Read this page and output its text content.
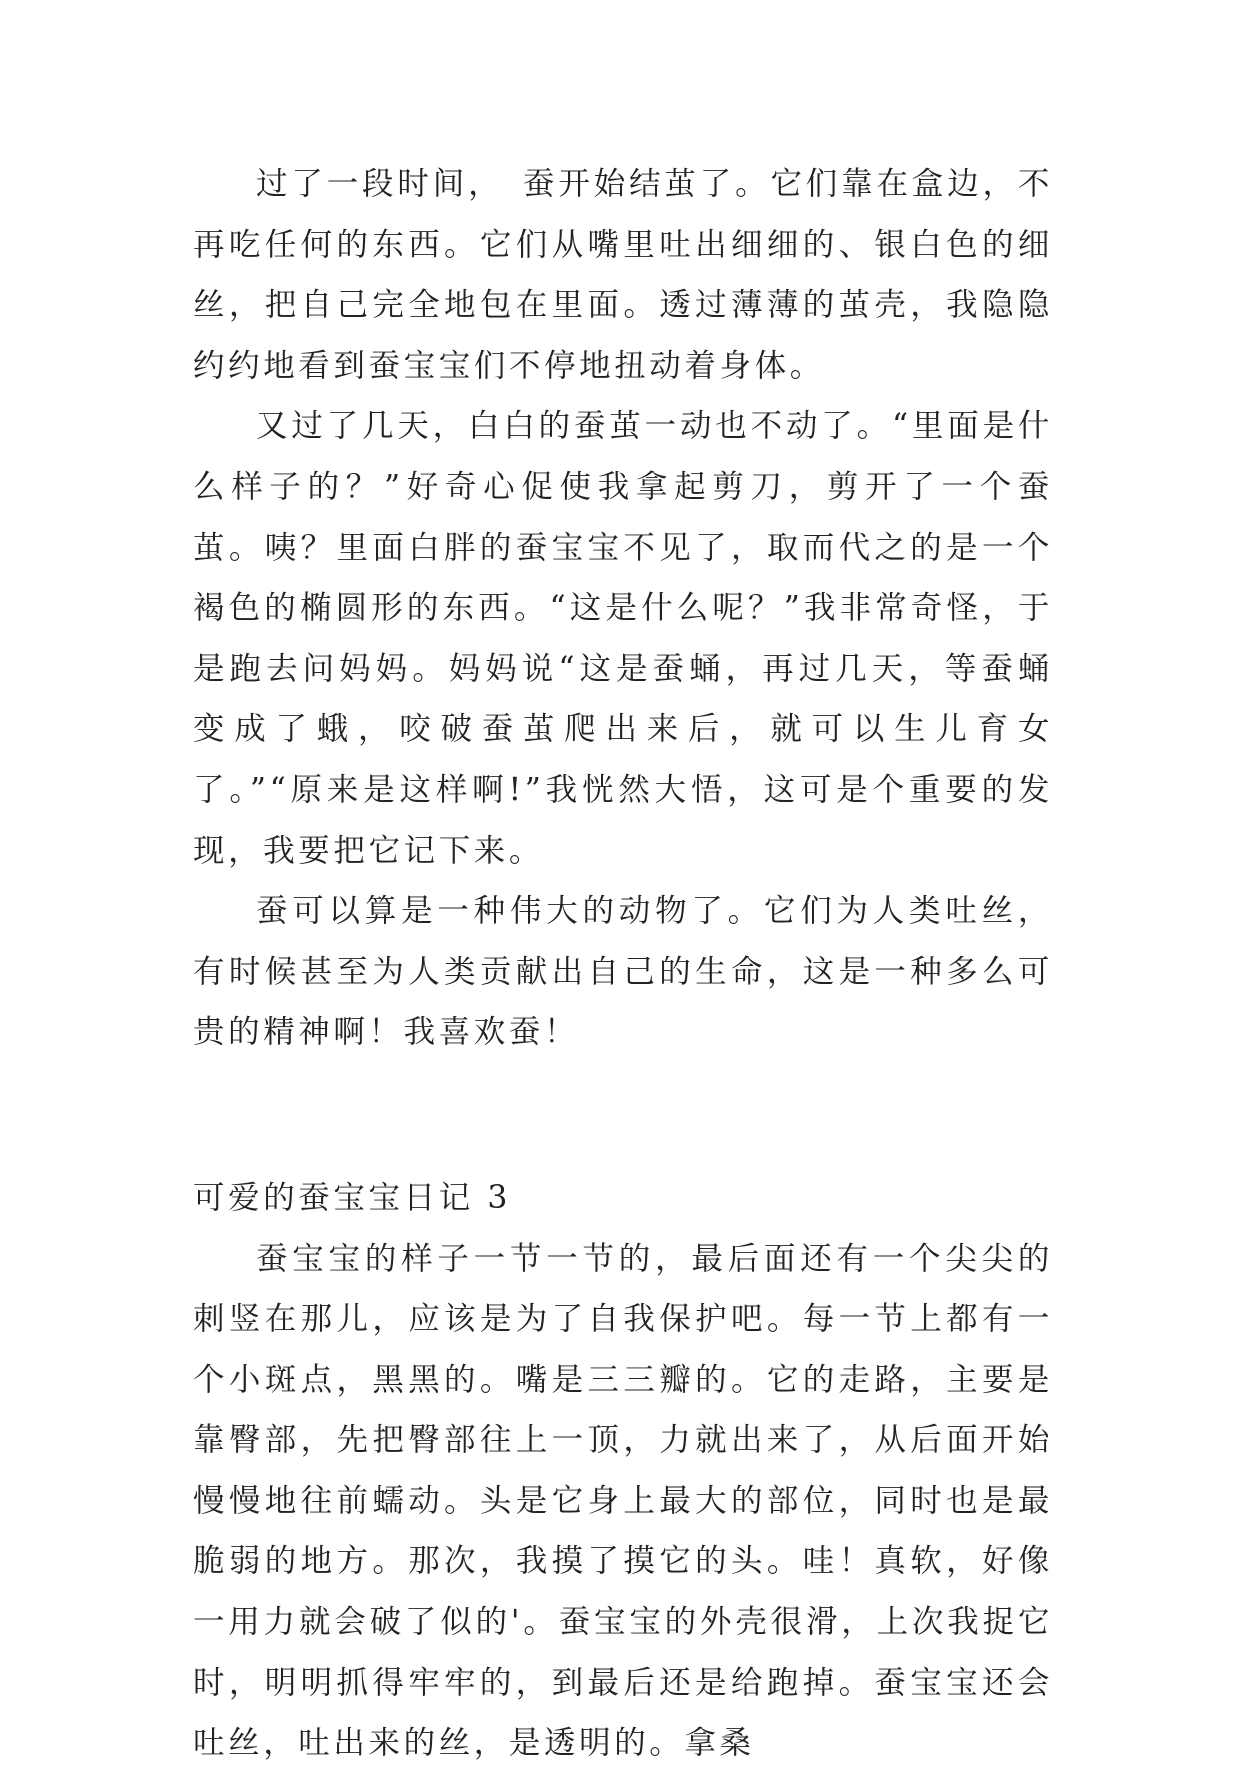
过了一段时间，　蚕开始结茧了。它们靠在盒边，不再吃任何的东西。它们从嘴里吐出细细的、银白色的细丝，把自己完全地包在里面。透过薄薄的茧壳，我隐隐约约地看到蚕宝宝们不停地扭动着身体。

又过了几天，白白的蚕茧一动也不动了。“里面是什么样子的？”好奇心促使我拿起剪刀，剪开了一个蚕茧。咦？里面白胖的蚕宝宝不见了，取而代之的是一个褐色的椭圆形的东西。“这是什么呢？”我非常奇怪，于是跑去问妈妈。妈妈说“这是蚕蛹，再过几天，等蚕蛹变成了蛾，咬破蚕茧爬出来后，就可以生儿育女了。”“原来是这样啊!”我恍然大悟，这可是个重要的发现，我要把它记下来。

蚕可以算是一种伟大的动物了。它们为人类吐丝，有时候甚至为人类贡献出自己的生命，这是一种多么可贵的精神啊！我喜欢蚕！

可爱的蚕宝宝日记 3

蚕宝宝的样子一节一节的，最后面还有一个尖尖的刺竖在那儿，应该是为了自我保护吧。每一节上都有一个小斑点，黑黑的。嘴是三三瓣的。它的走路，主要是靠臀部，先把臀部往上一顶，力就出来了，从后面开始慢慢地往前蠕动。头是它身上最大的部位，同时也是最脆弱的地方。那次，我摸了摸它的头。哇！真软，好像一用力就会破了似的'。蚕宝宝的外壳很滑，上次我捉它时，明明抓得牢牢的，到最后还是给跑掉。蚕宝宝还会吐丝，吐出来的丝，是透明的。拿桑
